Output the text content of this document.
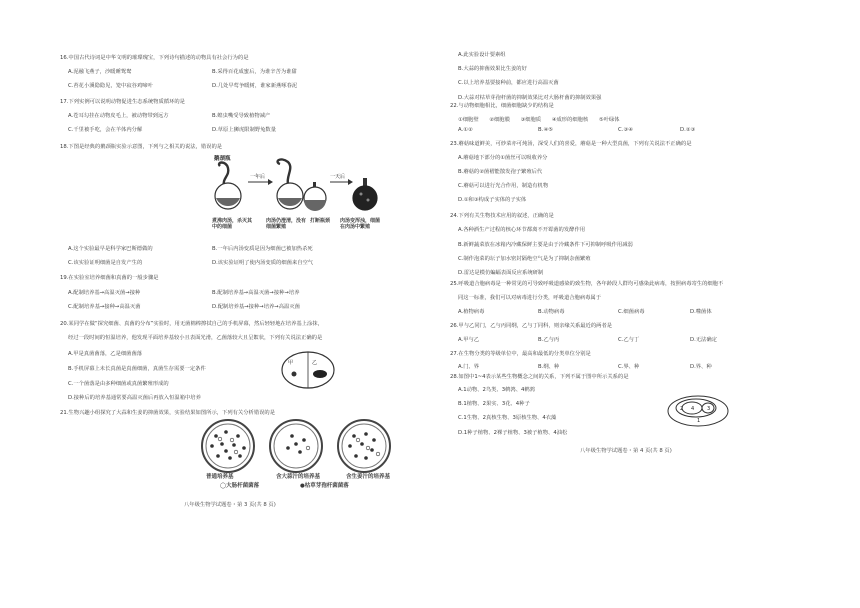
16.中国古代诗词是中华文明的璀璨瑰宝，下列诗句描述的动物具有社会行为的是
A.泥融飞燕子，沙暖睡鸳鸯	B.采得百花成蜜后，为谁辛苦为谁甜
C.苔花小溪隐隐见，笼中寂谷鸡啼叶	D.几处早莺争暖树，谁家新燕啄春泥
17.下列实例可以说明动物促进生态系统物质循环的是
A.苍耳勾挂在动物皮毛上，被动物带到远方	B.蝗虫嘴受导致植物减产
C.千里被手吃，会在羊体内分解	D.草原上狮虎限制野兔数量
18.下图是经典的鹅颈瓶实验示意图，下列与之相关的说法，错误的是
鹅颈瓶
一年后	一天后
煮沸肉汤，杀灭其中的细菌
肉汤仍澄清，没有细菌繁殖
打断瓶颈 肉汤变浑浊，细菌在肉汤中繁殖
A.这个实验最早是科学家巴斯德做的	B.一年后内汤变质是因为细菌已被加热杀死
C.该实验证明细菌是自发产生的	D.该实验证明了使内汤变质的细菌来自空气
19.在实验室培养细菌和真菌的一般步骤是
A.配制培养基→高温灭菌→接种	B.配制培养基→高温灭菌→接种→培养
C.配制培养基→接种→高温灭菌	D.配制培养基→接种→培养→高温灭菌
20.某同学在做“探究细菌、真菌的分布”实验时，用无菌棉棒擦拭自己的手机屏幕，然后轻轻地在培养基上涂抹，
经过一段时间的恒温培养，他发现平面培养基较小且表面光滑，乙菌落较大且呈絮状，下列有关说法正确的是
A.甲是真菌菌落，乙是细菌菌落
B.手机屏幕上未长真菌是真菌细菌，真菌生存需要一定条件
C.一个菌落是由多种细菌或真菌繁殖形成的
D.接种后的培养基通常要高温灭菌后再放入恒温箱中培养
甲	乙
21.生物兴趣小组探究了大蒜和生姜的抑菌效果，实验结果如图所示，下列有关分析错误的是
普通培养基	含大蒜汁的培养基	含生姜汁的培养基
◯大肠杆菌菌落	●枯草芽孢杆菌菌落
八年级生物学试题卷・第 3 页(共 8 页)
A.此实验设计要素组
B.大蒜的抑菌效果比生姜的好
C.以上培养基要接种前，都应进行高温灭菌
D.大蒜对枯草芽孢杆菌的抑制效果比对大肠杆菌的抑制效果强
22.与动物细胞相比，细菌细胞缺少的结构是
①细胞壁　　②细胞膜　　③细胞质　　④成形的细胞核　　⑤叶绿体
A.①②	B.④⑤	C.③④	D.②③
23.蘑菇味道鲜美，可炒菜亦可炖汤，深受人们的喜爱，蘑菇是一种大型真菌，下列有关说法不正确的是
A.蘑菇地下部分的①菌丝可以吸收养分
B.蘑菇的②菌褶能散发孢子繁殖后代
C.蘑菇可以进行光合作用，制造有机物
D.①和③构成子实体的子实体
24.下列有关生物技术应用的叙述，正确的是
A.各种酒生产过程的核心环节都离不开霉菌的发酵作用
B.新鲜蔬菜放在冰箱内冷藏保鲜主要是由于冷藏条件下可抑制呼吸作用减弱
C.制作泡菜的坛子加水密封隔绝空气是为了抑制杂菌繁殖
D.雷达是模仿蝙蝠表面反应系统研制
25.呼吸道合胞病毒是一种常见的可导致呼吸道感染的致生物，各年龄段人群均可感染此病毒，按照病毒寄生的细胞不
同这一标准，我们可以对病毒进行分类，呼吸道合胞病毒属于
A.植物病毒	B.动物病毒	C.细菌病毒	D.噬菌体
26.甲与乙同门，乙与丙同纲，乙与丁同科，则亲缘关系最近的两者是
A.甲与乙	B.乙与丙	C.乙与丁	D.无法确定
27.在生物分类的等级单位中，最高和最低的分类单位分别是
A.门、界	B.纲、种	C.界、种	D.界、种
28.如图中1~4表示某些生物概念之间的关系，下列不属于图中所示关系的是
A.1动物、2鸟类、3鹌鹑、4鹌鹑
B.1植物、2果实、3花、4种子
C.1生物、2真核生物、3原核生物、4衣藻
D.1种子植物、2裸子植物、3被子植物、4油松
2 4	3
1
八年级生物学试题卷・第 4 页(共 8 页)
